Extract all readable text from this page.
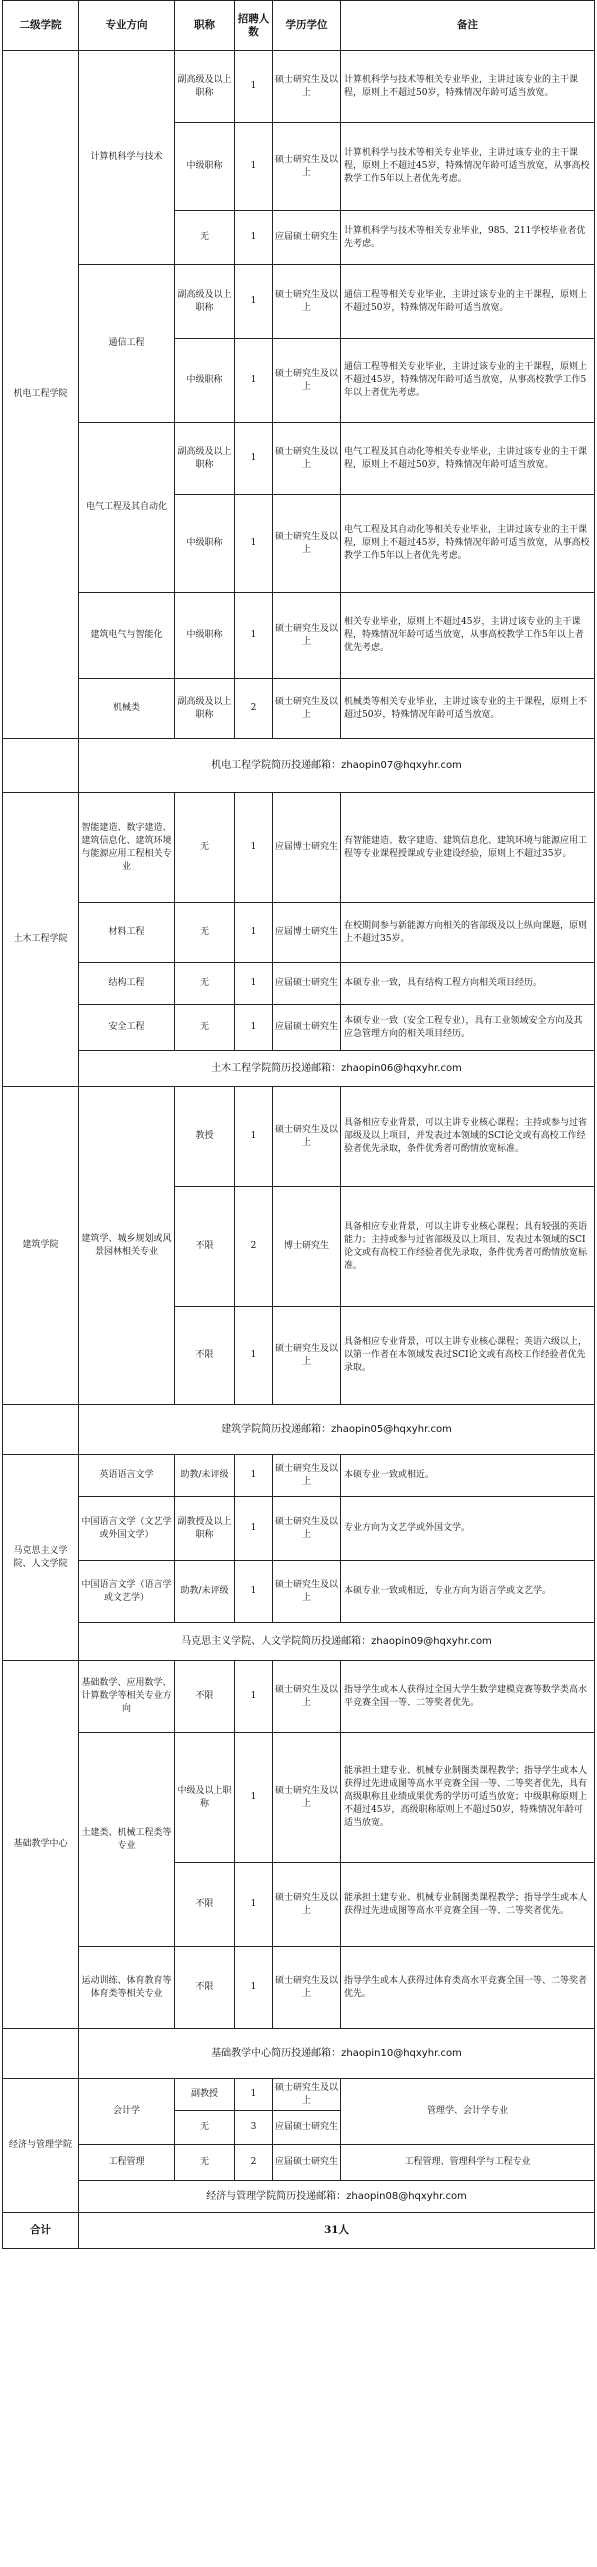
二级学院	专业方向	职称	招聘人数	学历学位	备注
机电工程学院	计算机科学与技术	副高级及以上职称	1	硕士研究生及以上	计算机科学与技术等相关专业毕业，主讲过该专业的主干课程，原则上不超过50岁，特殊情况年龄可适当放宽。
		中级职称	1	硕士研究生及以上	计算机科学与技术等相关专业毕业，主讲过该专业的主干课程，原则上不超过45岁，特殊情况年龄可适当放宽，从事高校教学工作5年以上者优先考虑。
		无	1	应届硕士研究生	计算机科学与技术等相关专业毕业，985、211学校毕业者优先考虑。
	通信工程	副高级及以上职称	1	硕士研究生及以上	通信工程等相关专业毕业，主讲过该专业的主干课程，原则上不超过50岁，特殊情况年龄可适当放宽。
		中级职称	1	硕士研究生及以上	通信工程等相关专业毕业，主讲过该专业的主干课程，原则上不超过45岁，特殊情况年龄可适当放宽，从事高校教学工作5年以上者优先考虑。
	电气工程及其自动化	副高级及以上职称	1	硕士研究生及以上	电气工程及其自动化等相关专业毕业，主讲过该专业的主干课程，原则上不超过50岁，特殊情况年龄可适当放宽。
		中级职称	1	硕士研究生及以上	电气工程及其自动化等相关专业毕业，主讲过该专业的主干课程，原则上不超过45岁，特殊情况年龄可适当放宽，从事高校教学工作5年以上者优先考虑。
	建筑电气与智能化	中级职称	1	硕士研究生及以上	相关专业毕业，原则上不超过45岁，主讲过该专业的主干课程，特殊情况年龄可适当放宽，从事高校教学工作5年以上者优先考虑。
	机械类	副高级及以上职称	2	硕士研究生及以上	机械类等相关专业毕业，主讲过该专业的主干课程，原则上不超过50岁，特殊情况年龄可适当放宽。
	机电工程学院简历投递邮箱：zhaopin07@hqxyhr.com				
土木工程学院	智能建造、数字建造、建筑信息化、建筑环境与能源应用工程相关专业	无	1	应届博士研究生	有智能建造、数字建造、建筑信息化、建筑环境与能源应用工程等专业课程授课或专业建设经验，原则上不超过35岁。
	材料工程	无	1	应届博士研究生	在校期间参与新能源方向相关的省部级及以上纵向课题，原则上不超过35岁。
	结构工程	无	1	应届硕士研究生	本硕专业一致，具有结构工程方向相关项目经历。
	安全工程	无	1	应届硕士研究生	本硕专业一致（安全工程专业），具有工业领域安全方向及其应急管理方向的相关项目经历。
	土木工程学院简历投递邮箱：zhaopin06@hqxyhr.com				
建筑学院	建筑学、城乡规划或风景园林相关专业	教授	1	硕士研究生及以上	具备相应专业背景，可以主讲专业核心课程；主持或参与过省部级及以上项目，并发表过本领域的SCI论文或有高校工作经验者优先录取，条件优秀者可酌情放宽标准。
		不限	2	博士研究生	具备相应专业背景，可以主讲专业核心课程；具有较强的英语能力；主持或参与过省部级及以上项目、发表过本领域的SCI论文或有高校工作经验者优先录取，条件优秀者可酌情放宽标准。
		不限	1	硕士研究生及以上	具备相应专业背景，可以主讲专业核心课程；英语六级以上，以第一作者在本领域发表过SCI论文或有高校工作经验者优先录取。
	建筑学院简历投递邮箱：zhaopin05@hqxyhr.com				
马克思主义学院、人文学院	英语语言文学	助教/未评级	1	硕士研究生及以上	本硕专业一致或相近。
	中国语言文学（文艺学或外国文学）	副教授及以上职称	1	硕士研究生及以上	专业方向为文艺学或外国文学。
	中国语言文学（语言学或文艺学）	助教/未评级	1	硕士研究生及以上	本硕专业一致或相近，专业方向为语言学或文艺学。
	马克思主义学院、人文学院简历投递邮箱：zhaopin09@hqxyhr.com				
基础教学中心	基础数学、应用数学、计算数学等相关专业方向	不限	1	硕士研究生及以上	指导学生或本人获得过全国大学生数学建模竞赛等数学类高水平竞赛全国一等、二等奖者优先。
	土建类、机械工程类等专业	中级及以上职称	1	硕士研究生及以上	能承担土建专业、机械专业制图类课程教学；指导学生或本人获得过先进成图等高水平竞赛全国一等、二等奖者优先，具有高级职称且业绩成果优秀的学历可适当放宽；中级职称原则上不超过45岁，高级职称原则上不超过50岁，特殊情况年龄可适当放宽。
		不限	1	硕士研究生及以上	能承担土建专业、机械专业制图类课程教学；指导学生或本人获得过先进成图等高水平竞赛全国一等、二等奖者优先。
	运动训练、体育教育等体育类等相关专业	不限	1	硕士研究生及以上	指导学生或本人获得过体育类高水平竞赛全国一等、二等奖者优先。
	基础教学中心简历投递邮箱：zhaopin10@hqxyhr.com				
经济与管理学院	会计学	副教授	1	硕士研究生及以上	管理学、会计学专业
		无	3	应届硕士研究生	
	工程管理	无	2	应届硕士研究生	工程管理、管理科学与工程专业
	经济与管理学院简历投递邮箱：zhaopin08@hqxyhr.com				
合计	31人				
